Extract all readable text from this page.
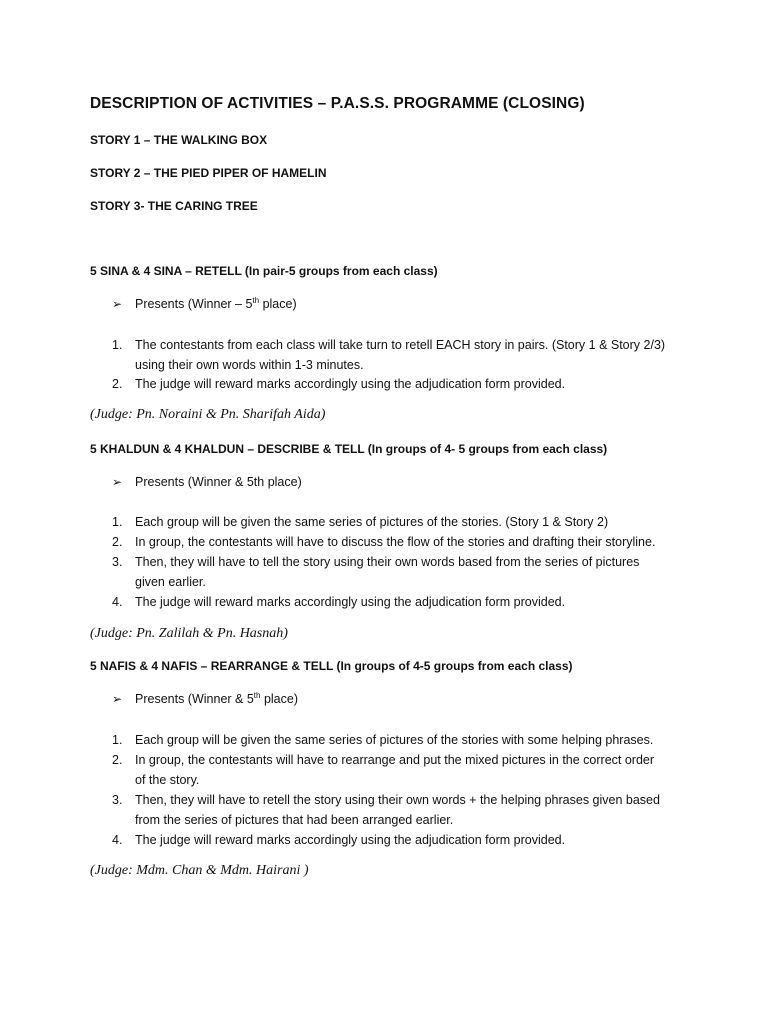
DESCRIPTION OF ACTIVITIES – P.A.S.S. PROGRAMME (CLOSING)
STORY 1 – THE WALKING BOX
STORY 2 – THE PIED PIPER OF HAMELIN
STORY 3- THE CARING TREE
5 SINA & 4 SINA – RETELL (In pair-5 groups from each class)
➢ Presents (Winner – 5th place)
1. The contestants from each class will take turn to retell EACH story in pairs. (Story 1 & Story 2/3)
using their own words within 1-3 minutes.
2. The judge will reward marks accordingly using the adjudication form provided.
(Judge: Pn. Noraini & Pn. Sharifah Aida)
5 KHALDUN & 4 KHALDUN – DESCRIBE & TELL (In groups of 4- 5 groups from each class)
➢ Presents (Winner & 5th place)
1. Each group will be given the same series of pictures of the stories. (Story 1 & Story 2)
2. In group, the contestants will have to discuss the flow of the stories and drafting their storyline.
3. Then, they will have to tell the story using their own words based from the series of pictures
given earlier.
4. The judge will reward marks accordingly using the adjudication form provided.
(Judge: Pn. Zalilah & Pn. Hasnah)
5 NAFIS & 4 NAFIS – REARRANGE & TELL (In groups of 4-5 groups from each class)
➢ Presents (Winner & 5th place)
1. Each group will be given the same series of pictures of the stories with some helping phrases.
2. In group, the contestants will have to rearrange and put the mixed pictures in the correct order
of the story.
3. Then, they will have to retell the story using their own words + the helping phrases given based
from the series of pictures that had been arranged earlier.
4. The judge will reward marks accordingly using the adjudication form provided.
(Judge: Mdm. Chan & Mdm. Hairani )
